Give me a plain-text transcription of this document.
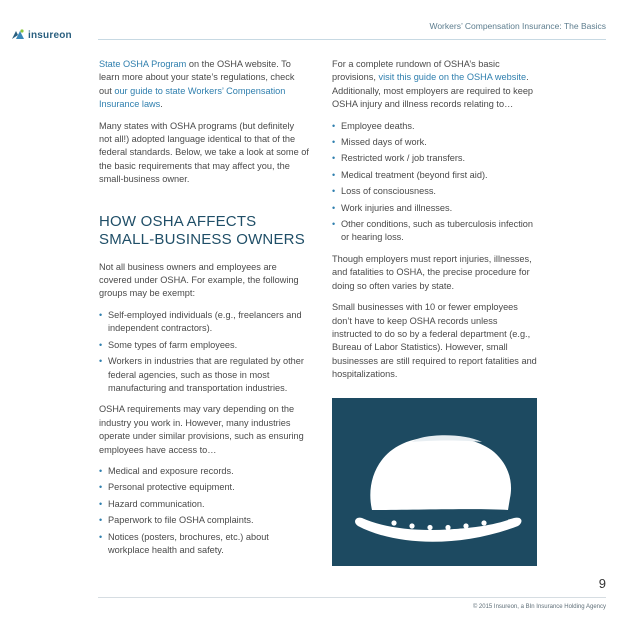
insureon
Workers’ Compensation Insurance: The Basics

State OSHA Program on the OSHA website. To learn more about your state’s regulations, check out our guide to state Workers’ Compensation Insurance laws.

Many states with OSHA programs (but definitely not all!) adopted language identical to that of the federal standards. Below, we take a look at some of the basic requirements that may affect you, the small-business owner.

HOW OSHA AFFECTS SMALL-BUSINESS OWNERS

Not all business owners and employees are covered under OSHA. For example, the following groups may be exempt:

• Self-employed individuals (e.g., freelancers and independent contractors).
• Some types of farm employees.
• Workers in industries that are regulated by other federal agencies, such as those in most manufacturing and transportation industries.

OSHA requirements may vary depending on the industry you work in. However, many industries operate under similar provisions, such as ensuring employees have access to…

• Medical and exposure records.
• Personal protective equipment.
• Hazard communication.
• Paperwork to file OSHA complaints.
• Notices (posters, brochures, etc.) about workplace health and safety.

For a complete rundown of OSHA’s basic provisions, visit this guide on the OSHA website. Additionally, most employers are required to keep OSHA injury and illness records relating to…

• Employee deaths.
• Missed days of work.
• Restricted work / job transfers.
• Medical treatment (beyond first aid).
• Loss of consciousness.
• Work injuries and illnesses.
• Other conditions, such as tuberculosis infection or hearing loss.

Though employers must report injuries, illnesses, and fatalities to OSHA, the precise procedure for doing so often varies by state.

Small businesses with 10 or fewer employees don’t have to keep OSHA records unless instructed to do so by a federal department (e.g., Bureau of Labor Statistics). However, small businesses are still required to report fatalities and hospitalizations.

9
© 2015 Insureon, a BIn Insurance Holding Agency
